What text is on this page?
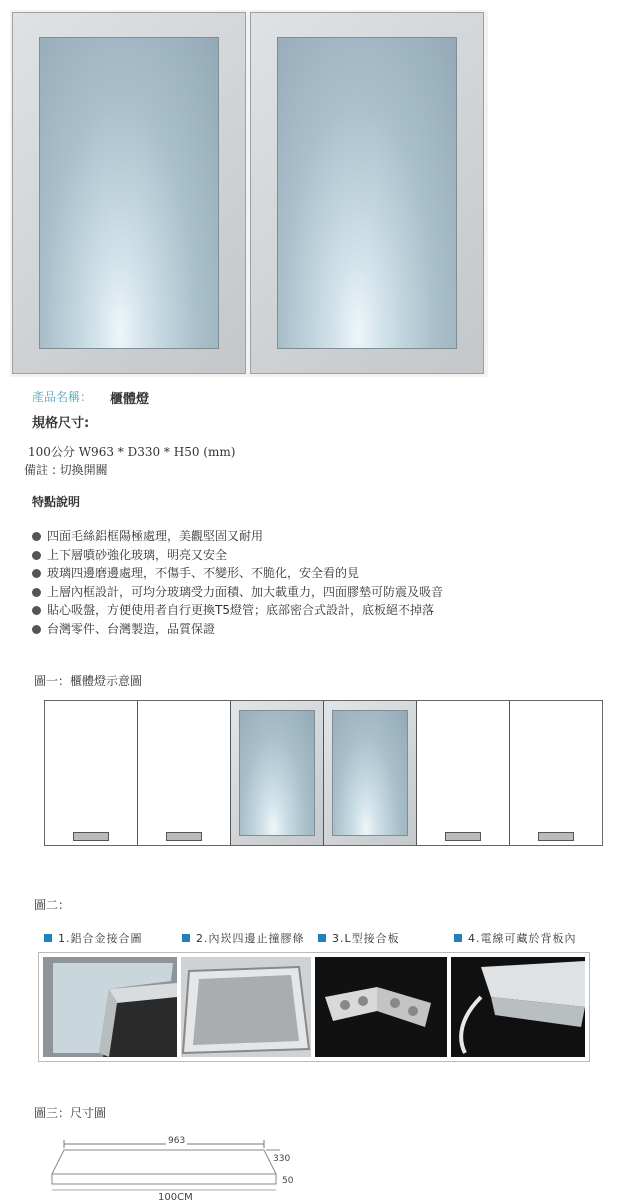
產品名稱： 櫃體燈
規格尺寸:
100公分 W963 * D330 * H50 (mm)
備註 : 切換開關
特點說明
四面毛絲鋁框陽極處理，美觀堅固又耐用
上下層噴砂強化玻璃，明亮又安全
玻璃四邊磨邊處理，不傷手、不變形、不脆化，安全看的見
上層內框設計，可均分玻璃受力面積、加大載重力，四面膠墊可防震及吸音
貼心吸盤，方便使用者自行更換T5燈管；底部密合式設計，底板絕不掉落
台灣零件、台灣製造，品質保證
圖一：櫃體燈示意圖
圖二：
1.鋁合金接合圖	2.內崁四邊止撞膠條	3.L型接合板	4.電線可藏於背板內
圖三：尺寸圖
963
330
50
100CM
